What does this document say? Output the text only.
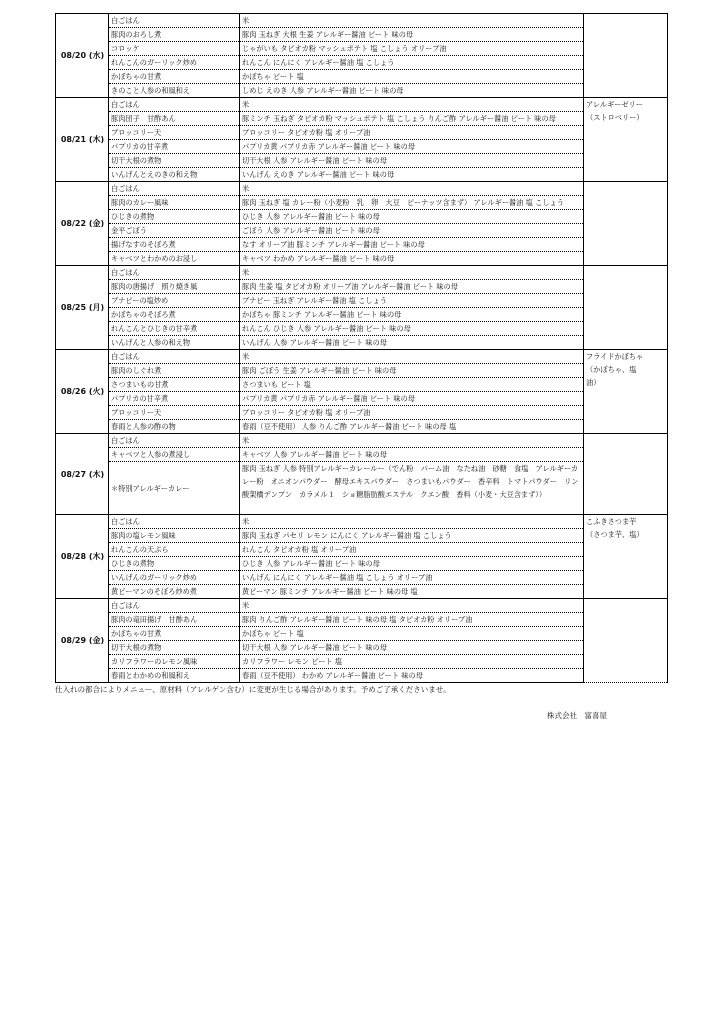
08/20 (水)	白ごはん	米	
	豚肉のおろし煮	豚肉 玉ねぎ 大根 生姜 アレルギー醤油 ビート 味の母	
	コロッケ	じゃがいも タピオカ粉 マッシュポテト 塩 こしょう オリーブ油	
	れんこんのガーリック炒め	れんこん にんにく アレルギー醤油 塩 こしょう	
	かぼちゃの甘煮	かぼちゃ ビート 塩	
	きのこと人参の和風和え	しめじ えのき 人参 アレルギー醤油 ビート 味の母	
08/21 (木)	白ごはん	米	アレルギーゼリー
（ストロベリー）
	豚肉団子　甘酢あん	豚ミンチ 玉ねぎ タピオカ粉 マッシュポテト 塩 こしょう りんご酢 アレルギー醤油 ビート 味の母	
	ブロッコリー天	ブロッコリー タピオカ粉 塩 オリーブ油	
	パプリカの甘辛煮	パプリカ黄 パプリカ赤 アレルギー醤油 ビート 味の母	
	切干大根の煮物	切干大根 人参 アレルギー醤油 ビート 味の母	
	いんげんとえのきの和え物	いんげん えのき アレルギー醤油 ビート 味の母	
08/22 (金)	白ごはん	米	
	豚肉のカレー風味	豚肉 玉ねぎ 塩 カレー粉（小麦粉　乳　卵　大豆　ピーナッツ含まず） アレルギー醤油 塩 こしょう	
	ひじきの煮物	ひじき 人参 アレルギー醤油 ビート 味の母	
	金平ごぼう	ごぼう 人参 アレルギー醤油 ビート 味の母	
	揚げなすのそぼろ煮	なす オリーブ油 豚ミンチ アレルギー醤油 ビート 味の母	
	キャベツとわかめのお浸し	キャベツ わかめ アレルギー醤油 ビート 味の母	
08/25 (月)	白ごはん	米	
	豚肉の唐揚げ　照り焼き風	豚肉 生姜 塩 タピオカ粉 オリーブ油 アレルギー醤油 ビート 味の母	
	ブナピーの塩炒め	ブナピー 玉ねぎ アレルギー醤油 塩 こしょう	
	かぼちゃのそぼろ煮	かぼちゃ 豚ミンチ アレルギー醤油 ビート 味の母	
	れんこんとひじきの甘辛煮	れんこん ひじき 人参 アレルギー醤油 ビート 味の母	
	いんげんと人参の和え物	いんげん 人参 アレルギー醤油 ビート 味の母	
08/26 (火)	白ごはん	米	フライドかぼちゃ
（かぼちゃ、塩
油）
	豚肉のしぐれ煮	豚肉 ごぼう 生姜 アレルギー醤油 ビート 味の母	
	さつまいもの甘煮	さつまいも ビート 塩	
	パプリカの甘辛煮	パプリカ黄 パプリカ赤 アレルギー醤油 ビート 味の母	
	ブロッコリー天	ブロッコリー タピオカ粉 塩 オリーブ油	
	春雨と人参の酢の物	春雨（豆不使用） 人参 りんご酢 アレルギー醤油 ビート 味の母 塩	
08/27 (木)	白ごはん	米	
	キャベツと人参の煮浸し	キャベツ 人参 アレルギー醤油 ビート 味の母	
	＊特別アレルギーカレー	豚肉 玉ねぎ 人参 特別アレルギーカレールー（でん粉　パーム油　なたね油　砂糖　食塩　アレルギーカレー粉　オニオンパウダー　酵母エキスパウダー　さつまいもパウダー　香辛料　トマトパウダー　リン酸架橋デンプン　カラメル１　ショ糖脂肪酸エステル　クエン酸　香料（小麦・大豆含まず））	
08/28 (木)	白ごはん	米	こふきさつま芋
（さつま芋、塩）
	豚肉の塩レモン風味	豚肉 玉ねぎ パセリ レモン にんにく アレルギー醤油 塩 こしょう	
	れんこんの天ぷら	れんこん タピオカ粉 塩 オリーブ油	
	ひじきの煮物	ひじき 人参 アレルギー醤油 ビート 味の母	
	いんげんのガーリック炒め	いんげん にんにく アレルギー醤油 塩 こしょう オリーブ油	
	黄ピーマンのそぼろ炒め煮	黄ピーマン 豚ミンチ アレルギー醤油 ビート 味の母 塩	
08/29 (金)	白ごはん	米	
	豚肉の竜田揚げ　甘酢あん	豚肉 りんご酢 アレルギー醤油 ビート 味の母 塩 タピオカ粉 オリーブ油	
	かぼちゃの甘煮	かぼちゃ ビート 塩	
	切干大根の煮物	切干大根 人参 アレルギー醤油 ビート 味の母	
	カリフラワーのレモン風味	カリフラワー レモン ビート 塩	
	春雨とわかめの和風和え	春雨（豆不使用） わかめ アレルギー醤油 ビート 味の母	
仕入れの都合によりメニュー、原材料（アレルゲン含む）に変更が生じる場合があります。予めご了承くださいませ。
株式会社　富喜屋
